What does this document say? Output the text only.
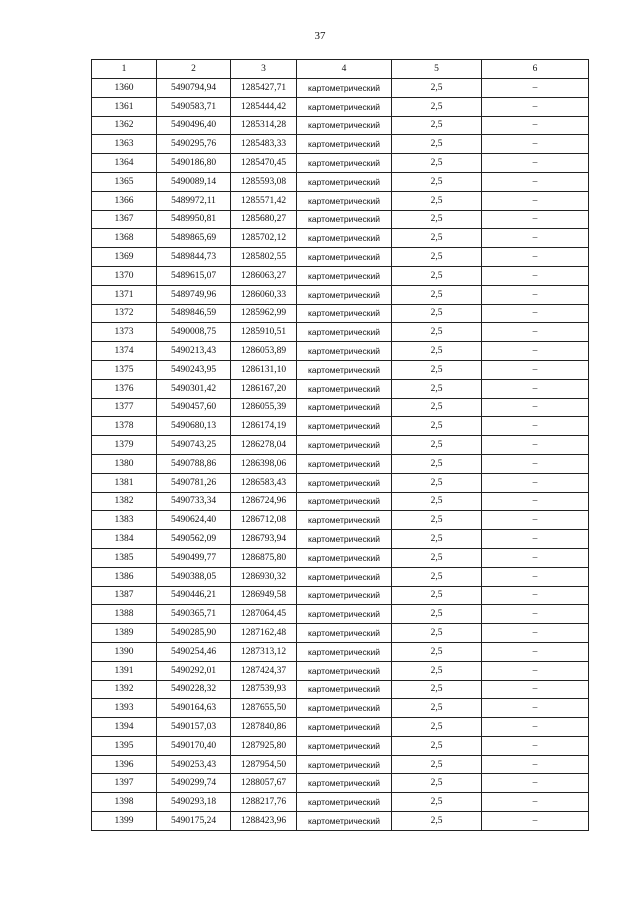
37
1	2	3	4	5	6
1360	5490794,94	1285427,71	картометрический	2,5	–
1361	5490583,71	1285444,42	картометрический	2,5	–
1362	5490496,40	1285314,28	картометрический	2,5	–
1363	5490295,76	1285483,33	картометрический	2,5	–
1364	5490186,80	1285470,45	картометрический	2,5	–
1365	5490089,14	1285593,08	картометрический	2,5	–
1366	5489972,11	1285571,42	картометрический	2,5	–
1367	5489950,81	1285680,27	картометрический	2,5	–
1368	5489865,69	1285702,12	картометрический	2,5	–
1369	5489844,73	1285802,55	картометрический	2,5	–
1370	5489615,07	1286063,27	картометрический	2,5	–
1371	5489749,96	1286060,33	картометрический	2,5	–
1372	5489846,59	1285962,99	картометрический	2,5	–
1373	5490008,75	1285910,51	картометрический	2,5	–
1374	5490213,43	1286053,89	картометрический	2,5	–
1375	5490243,95	1286131,10	картометрический	2,5	–
1376	5490301,42	1286167,20	картометрический	2,5	–
1377	5490457,60	1286055,39	картометрический	2,5	–
1378	5490680,13	1286174,19	картометрический	2,5	–
1379	5490743,25	1286278,04	картометрический	2,5	–
1380	5490788,86	1286398,06	картометрический	2,5	–
1381	5490781,26	1286583,43	картометрический	2,5	–
1382	5490733,34	1286724,96	картометрический	2,5	–
1383	5490624,40	1286712,08	картометрический	2,5	–
1384	5490562,09	1286793,94	картометрический	2,5	–
1385	5490499,77	1286875,80	картометрический	2,5	–
1386	5490388,05	1286930,32	картометрический	2,5	–
1387	5490446,21	1286949,58	картометрический	2,5	–
1388	5490365,71	1287064,45	картометрический	2,5	–
1389	5490285,90	1287162,48	картометрический	2,5	–
1390	5490254,46	1287313,12	картометрический	2,5	–
1391	5490292,01	1287424,37	картометрический	2,5	–
1392	5490228,32	1287539,93	картометрический	2,5	–
1393	5490164,63	1287655,50	картометрический	2,5	–
1394	5490157,03	1287840,86	картометрический	2,5	–
1395	5490170,40	1287925,80	картометрический	2,5	–
1396	5490253,43	1287954,50	картометрический	2,5	–
1397	5490299,74	1288057,67	картометрический	2,5	–
1398	5490293,18	1288217,76	картометрический	2,5	–
1399	5490175,24	1288423,96	картометрический	2,5	–
